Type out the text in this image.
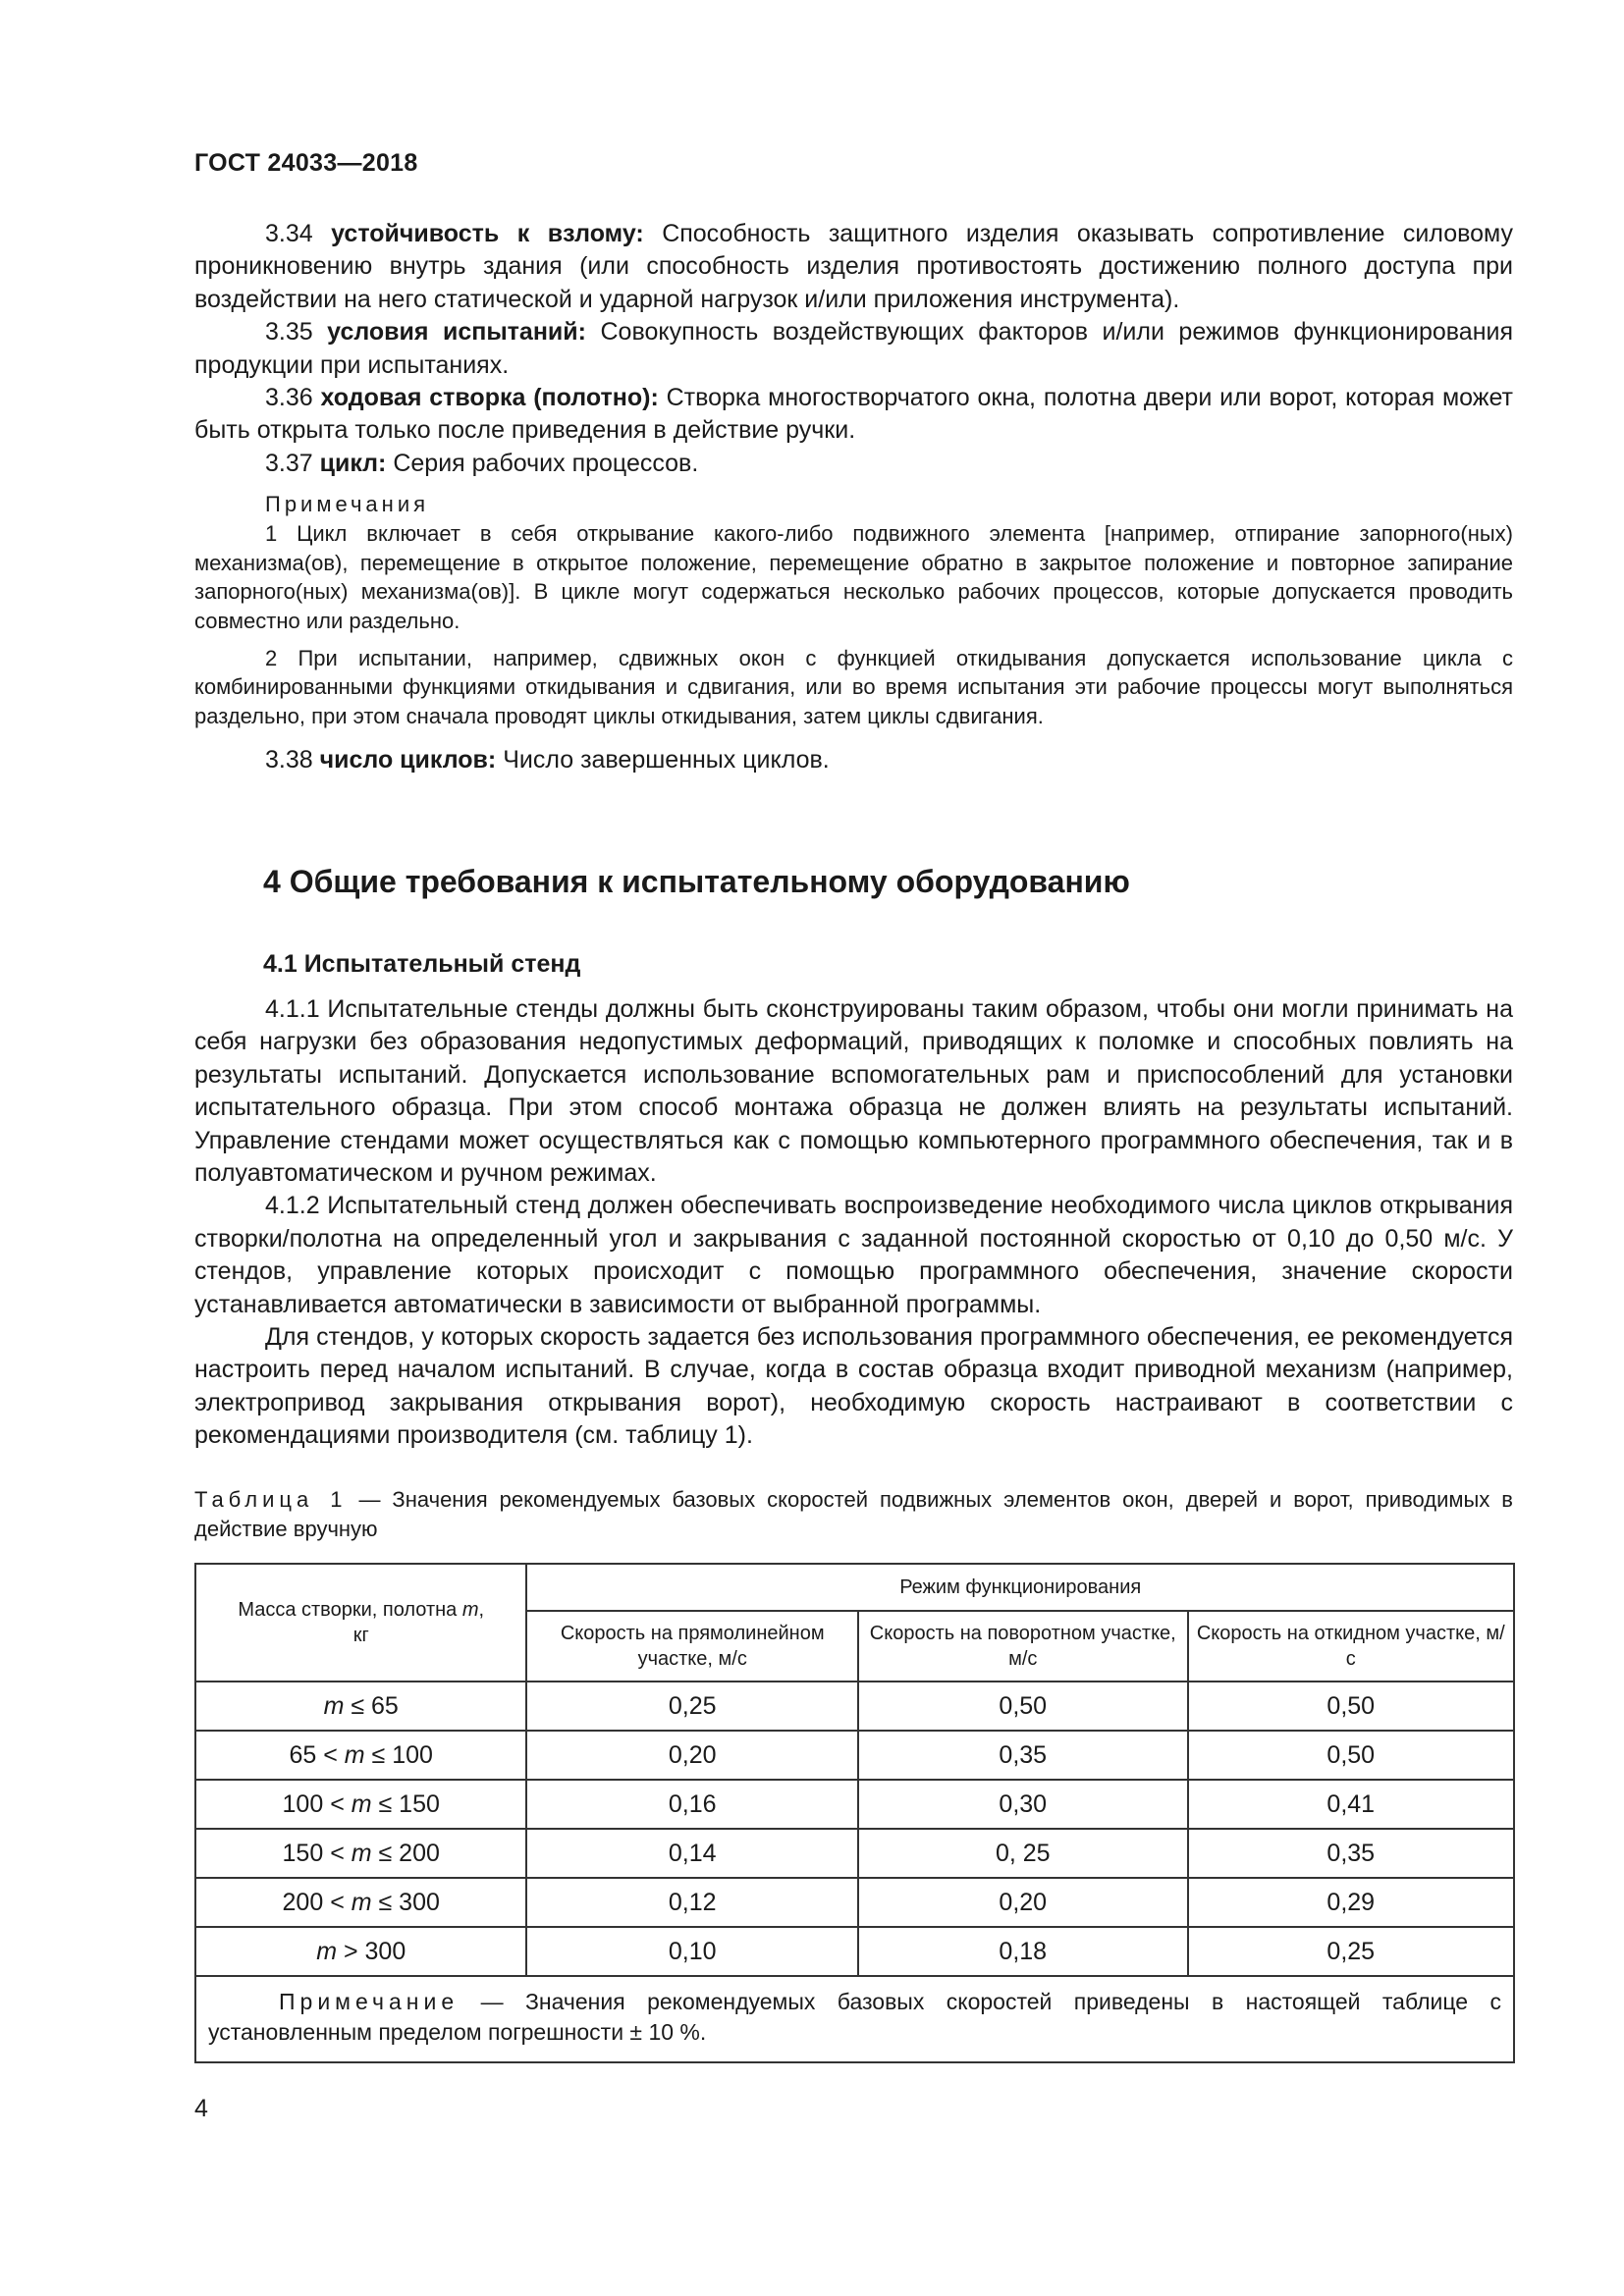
ГОСТ 24033—2018

3.34 устойчивость к взлому: Способность защитного изделия оказывать сопротивление силовому проникновению внутрь здания (или способность изделия противостоять достижению полного доступа при воздействии на него статической и ударной нагрузок и/или приложения инструмента).

3.35 условия испытаний: Совокупность воздействующих факторов и/или режимов функционирования продукции при испытаниях.

3.36 ходовая створка (полотно): Створка многостворчатого окна, полотна двери или ворот, которая может быть открыта только после приведения в действие ручки.

3.37 цикл: Серия рабочих процессов.

Примечания

1 Цикл включает в себя открывание какого-либо подвижного элемента [например, отпирание запорного(ных) механизма(ов), перемещение в открытое положение, перемещение обратно в закрытое положение и повторное запирание запорного(ных) механизма(ов)]. В цикле могут содержаться несколько рабочих процессов, которые допускается проводить совместно или раздельно.

2 При испытании, например, сдвижных окон с функцией откидывания допускается использование цикла с комбинированными функциями откидывания и сдвигания, или во время испытания эти рабочие процессы могут выполняться раздельно, при этом сначала проводят циклы откидывания, затем циклы сдвигания.

3.38 число циклов: Число завершенных циклов.

4 Общие требования к испытательному оборудованию
4.1 Испытательный стенд

4.1.1 Испытательные стенды должны быть сконструированы таким образом, чтобы они могли принимать на себя нагрузки без образования недопустимых деформаций, приводящих к поломке и способных повлиять на результаты испытаний. Допускается использование вспомогательных рам и приспособлений для установки испытательного образца. При этом способ монтажа образца не должен влиять на результаты испытаний. Управление стендами может осуществляться как с помощью компьютерного программного обеспечения, так и в полуавтоматическом и ручном режимах.

4.1.2 Испытательный стенд должен обеспечивать воспроизведение необходимого числа циклов открывания створки/полотна на определенный угол и закрывания с заданной постоянной скоростью от 0,10 до 0,50 м/с. У стендов, управление которых происходит с помощью программного обеспечения, значение скорости устанавливается автоматически в зависимости от выбранной программы.

Для стендов, у которых скорость задается без использования программного обеспечения, ее рекомендуется настроить перед началом испытаний. В случае, когда в состав образца входит приводной механизм (например, электропривод закрывания открывания ворот), необходимую скорость настраивают в соответствии с рекомендациями производителя (см. таблицу 1).

Таблица 1 — Значения рекомендуемых базовых скоростей подвижных элементов окон, дверей и ворот, приводимых в действие вручную
Масса створки, полотна m,
кг	Режим функционирования		
	Скорость на прямолинейном участке, м/с	Скорость на поворотном участке, м/с	Скорость на откидном участке, м/с
m ≤ 65	0,25	0,50	0,50
65 < m ≤ 100	0,20	0,35	0,50
100 < m ≤ 150	0,16	0,30	0,41
150 < m ≤ 200	0,14	0, 25	0,35
200 < m ≤ 300	0,12	0,20	0,29
m > 300	0,10	0,18	0,25
Примечание — Значения рекомендуемых базовых скоростей приведены в настоящей таблице с установленным пределом погрешности ± 10 %.			
4
